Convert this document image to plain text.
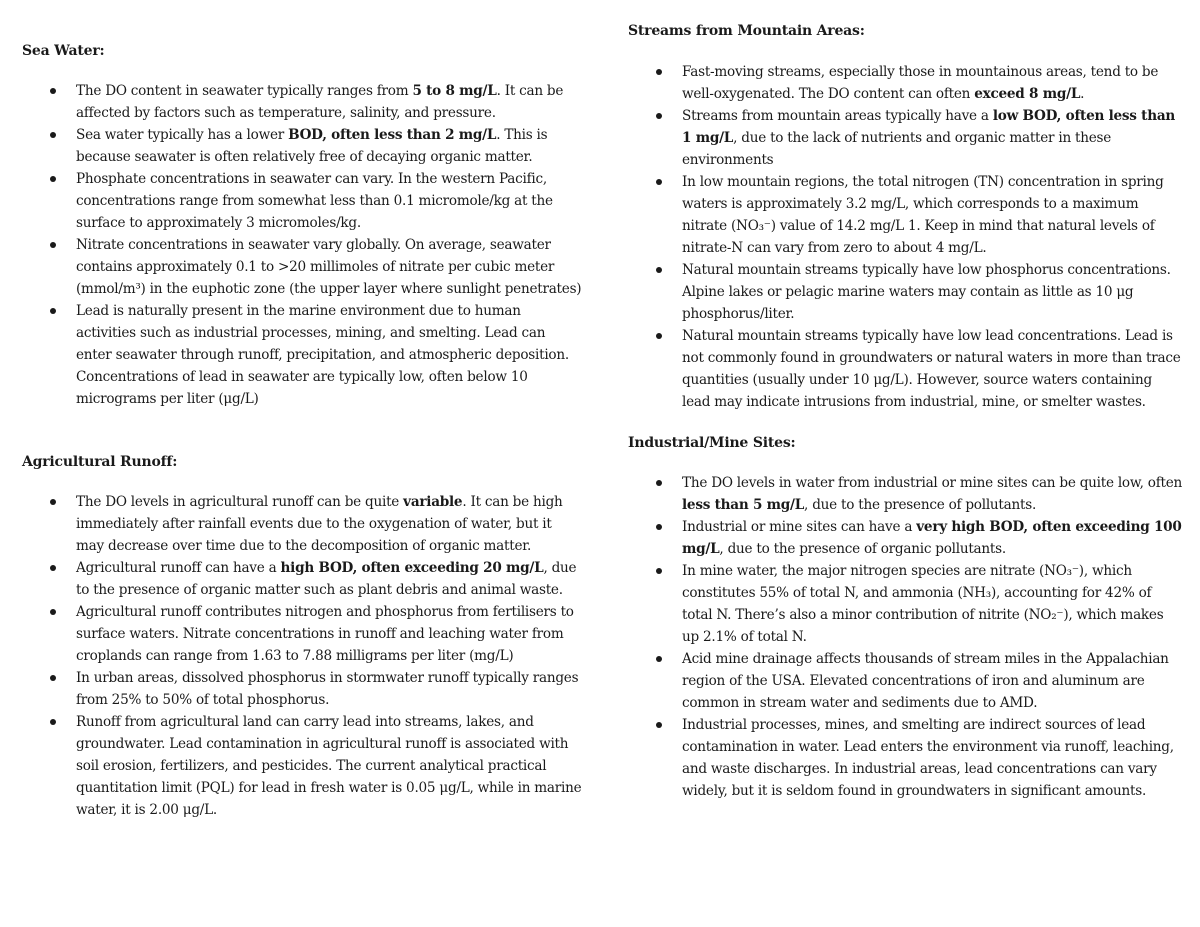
Sea Water:
The DO content in seawater typically ranges from 5 to 8 mg/L. It can be affected by factors such as temperature, salinity, and pressure.
Sea water typically has a lower BOD, often less than 2 mg/L. This is because seawater is often relatively free of decaying organic matter.
Phosphate concentrations in seawater can vary. In the western Pacific, concentrations range from somewhat less than 0.1 micromole/kg at the surface to approximately 3 micromoles/kg.
Nitrate concentrations in seawater vary globally. On average, seawater contains approximately 0.1 to >20 millimoles of nitrate per cubic meter (mmol/m³) in the euphotic zone (the upper layer where sunlight penetrates)
Lead is naturally present in the marine environment due to human activities such as industrial processes, mining, and smelting. Lead can enter seawater through runoff, precipitation, and atmospheric deposition. Concentrations of lead in seawater are typically low, often below 10 micrograms per liter (μg/L)
Agricultural Runoff:
The DO levels in agricultural runoff can be quite variable. It can be high immediately after rainfall events due to the oxygenation of water, but it may decrease over time due to the decomposition of organic matter.
Agricultural runoff can have a high BOD, often exceeding 20 mg/L, due to the presence of organic matter such as plant debris and animal waste.
Agricultural runoff contributes nitrogen and phosphorus from fertilisers to surface waters. Nitrate concentrations in runoff and leaching water from croplands can range from 1.63 to 7.88 milligrams per liter (mg/L)
In urban areas, dissolved phosphorus in stormwater runoff typically ranges from 25% to 50% of total phosphorus.
Runoff from agricultural land can carry lead into streams, lakes, and groundwater. Lead contamination in agricultural runoff is associated with soil erosion, fertilizers, and pesticides. The current analytical practical quantitation limit (PQL) for lead in fresh water is 0.05 μg/L, while in marine water, it is 2.00 μg/L.
Streams from Mountain Areas:
Fast-moving streams, especially those in mountainous areas, tend to be well-oxygenated. The DO content can often exceed 8 mg/L.
Streams from mountain areas typically have a low BOD, often less than 1 mg/L, due to the lack of nutrients and organic matter in these environments
In low mountain regions, the total nitrogen (TN) concentration in spring waters is approximately 3.2 mg/L, which corresponds to a maximum nitrate (NO₃⁻) value of 14.2 mg/L 1. Keep in mind that natural levels of nitrate-N can vary from zero to about 4 mg/L.
Natural mountain streams typically have low phosphorus concentrations. Alpine lakes or pelagic marine waters may contain as little as 10 μg phosphorus/liter.
Natural mountain streams typically have low lead concentrations. Lead is not commonly found in groundwaters or natural waters in more than trace quantities (usually under 10 μg/L). However, source waters containing lead may indicate intrusions from industrial, mine, or smelter wastes.
Industrial/Mine Sites:
The DO levels in water from industrial or mine sites can be quite low, often less than 5 mg/L, due to the presence of pollutants.
Industrial or mine sites can have a very high BOD, often exceeding 100 mg/L, due to the presence of organic pollutants.
In mine water, the major nitrogen species are nitrate (NO₃⁻), which constitutes 55% of total N, and ammonia (NH₃), accounting for 42% of total N. There’s also a minor contribution of nitrite (NO₂⁻), which makes up 2.1% of total N.
Acid mine drainage affects thousands of stream miles in the Appalachian region of the USA. Elevated concentrations of iron and aluminum are common in stream water and sediments due to AMD.
Industrial processes, mines, and smelting are indirect sources of lead contamination in water. Lead enters the environment via runoff, leaching, and waste discharges. In industrial areas, lead concentrations can vary widely, but it is seldom found in groundwaters in significant amounts.
